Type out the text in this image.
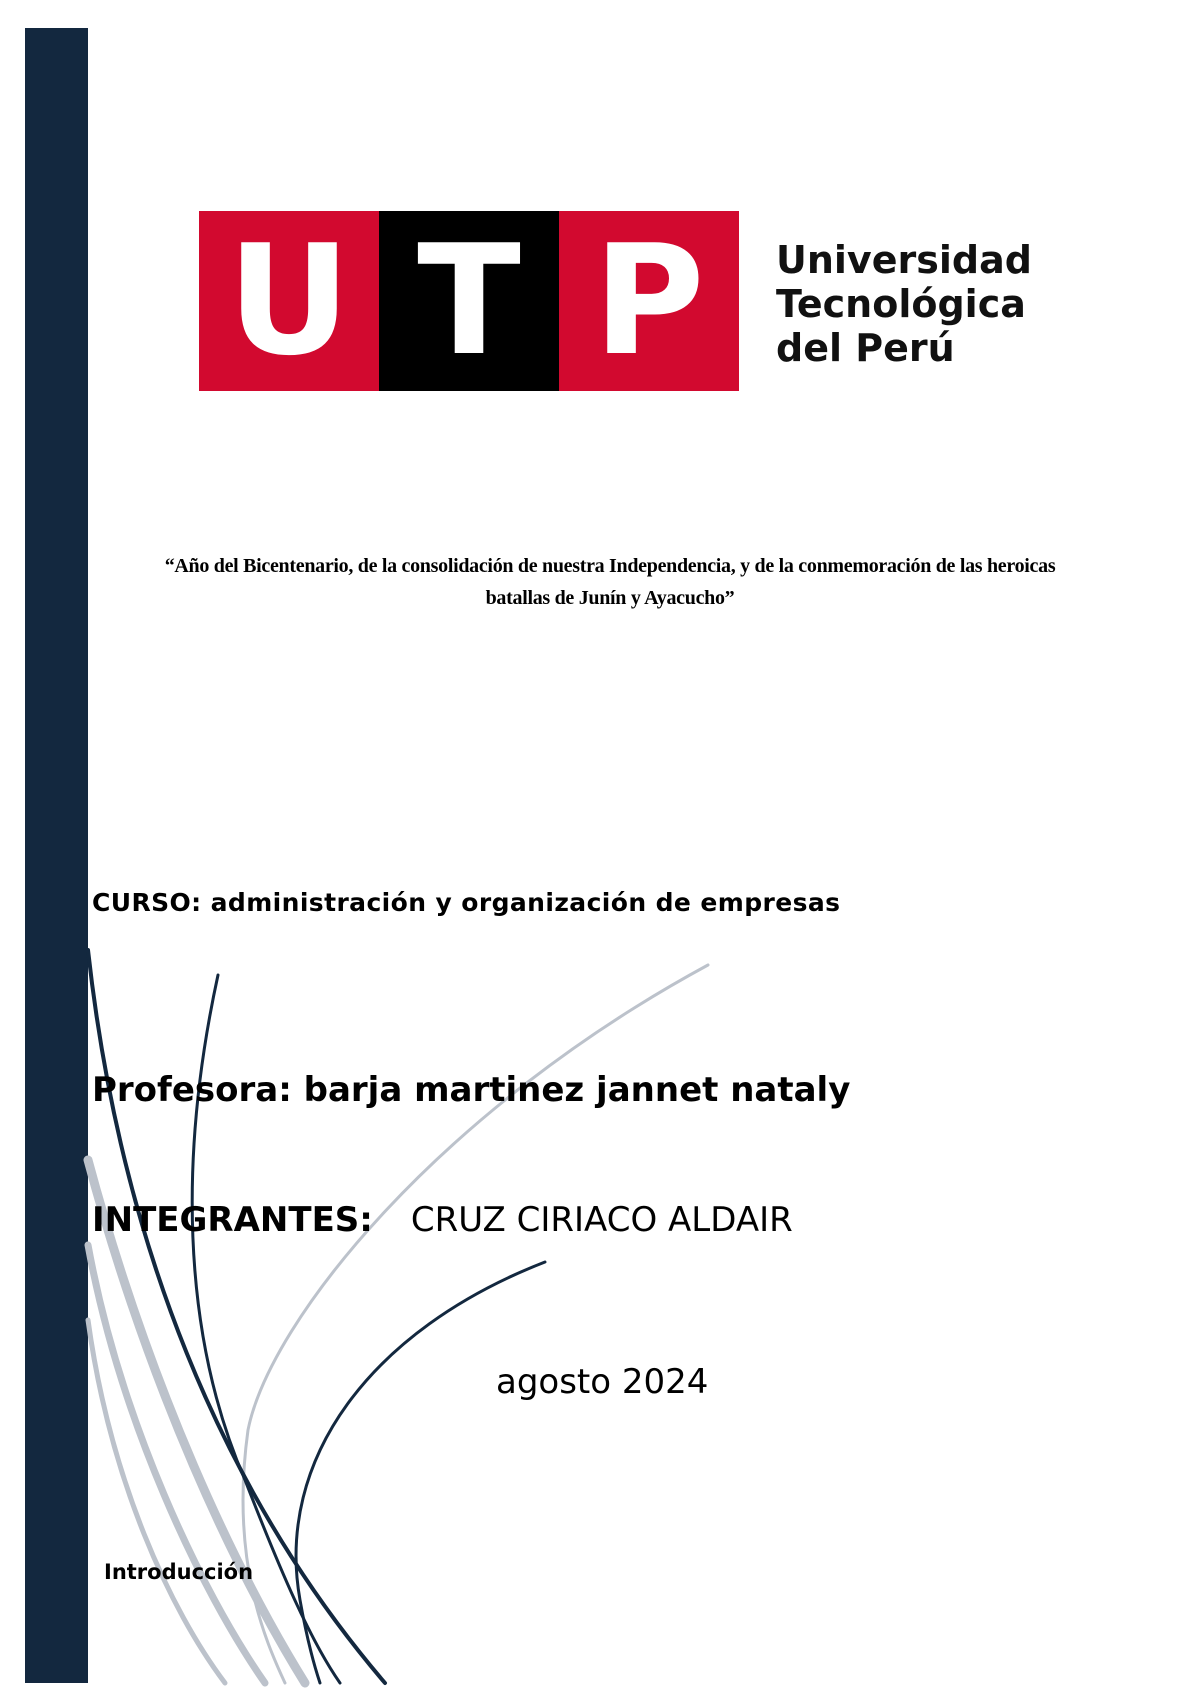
U T P	Universidad
Tecnológica
del Perú
“Año del Bicentenario, de la consolidación de nuestra Independencia, y de la conmemoración de las heroicas
batallas de Junín y Ayacucho”
CURSO: administración y organización de empresas
Profesora: barja martinez jannet nataly
INTEGRANTES: CRUZ CIRIACO ALDAIR
agosto 2024
Introducción
